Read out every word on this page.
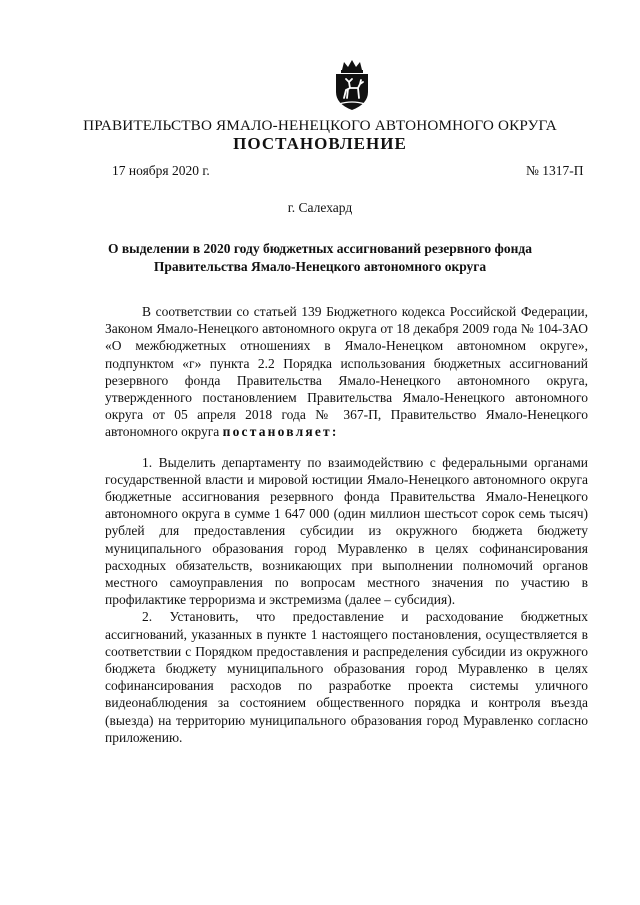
ПРАВИТЕЛЬСТВО ЯМАЛО-НЕНЕЦКОГО АВТОНОМНОГО ОКРУГА
ПОСТАНОВЛЕНИЕ
17 ноября 2020 г.	№ 1317-П
г. Салехард
О выделении в 2020 году бюджетных ассигнований резервного фонда Правительства Ямало-Ненецкого автономного округа

В соответствии со статьей 139 Бюджетного кодекса Российской Федерации, Законом Ямало-Ненецкого автономного округа от 18 декабря 2009 года № 104-ЗАО «О межбюджетных отношениях в Ямало-Ненецком автономном округе», подпунктом «г» пункта 2.2 Порядка использования бюджетных ассигнований резервного фонда Правительства Ямало-Ненецкого автономного округа, утвержденного постановлением Правительства Ямало-Ненецкого автономного округа от 05 апреля 2018 года № 367-П, Правительство Ямало-Ненецкого автономного округа постановляет:

1. Выделить департаменту по взаимодействию с федеральными органами государственной власти и мировой юстиции Ямало-Ненецкого автономного округа бюджетные ассигнования резервного фонда Правительства Ямало-Ненецкого автономного округа в сумме 1 647 000 (один миллион шестьсот сорок семь тысяч) рублей для предоставления субсидии из окружного бюджета бюджету муниципального образования город Муравленко в целях софинансирования расходных обязательств, возникающих при выполнении полномочий органов местного самоуправления по вопросам местного значения по участию в профилактике терроризма и экстремизма (далее – субсидия).

2. Установить, что предоставление и расходование бюджетных ассигнований, указанных в пункте 1 настоящего постановления, осуществляется в соответствии с Порядком предоставления и распределения субсидии из окружного бюджета бюджету муниципального образования город Муравленко в целях софинансирования расходов по разработке проекта системы уличного видеонаблюдения за состоянием общественного порядка и контроля въезда (выезда) на территорию муниципального образования город Муравленко согласно приложению.
